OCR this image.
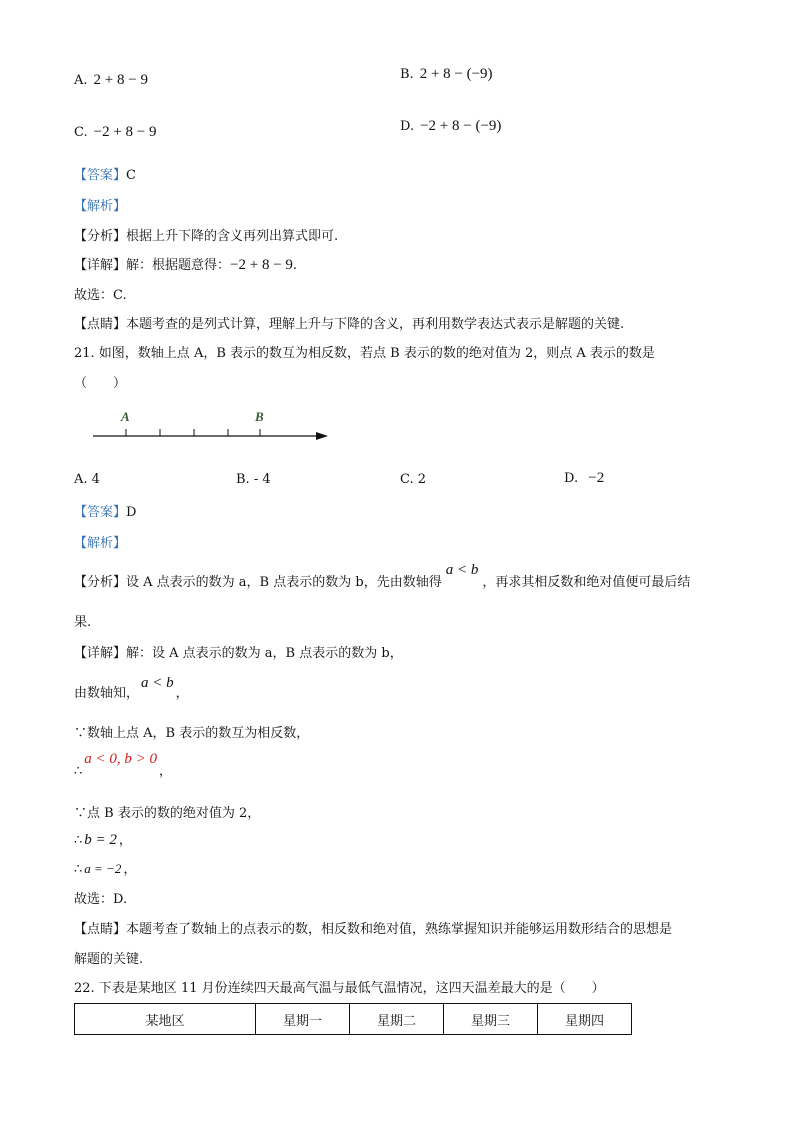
A. 2 + 8 − 9	B. 2 + 8 − (−9)
C. −2 + 8 − 9	D. −2 + 8 − (−9)
【答案】C
【解析】
【分析】根据上升下降的含义再列出算式即可.
【详解】解：根据题意得：−2 + 8 − 9.
故选：C.
【点睛】本题考查的是列式计算，理解上升与下降的含义，再利用数学表达式表示是解题的关键.
21. 如图，数轴上点 A，B 表示的数互为相反数，若点 B 表示的数的绝对值为 2，则点 A 表示的数是
（　　）
A	B
A. 4	B. - 4	C. 2	D. −2
【答案】D
【解析】
【分析】设 A 点表示的数为 a，B 点表示的数为 b，先由数轴得a < b，再求其相反数和绝对值便可最后结
果.
【详解】解：设 A 点表示的数为 a，B 点表示的数为 b，
由数轴知，a < b，
∵数轴上点 A，B 表示的数互为相反数，
∴a < 0, b > 0，
∵点 B 表示的数的绝对值为 2，
∴ b = 2 ，
∴ a = −2 ，
故选：D.
【点睛】本题考查了数轴上的点表示的数，相反数和绝对值，熟练掌握知识并能够运用数形结合的思想是
解题的关键.
22. 下表是某地区 11 月份连续四天最高气温与最低气温情况，这四天温差最大的是（　　）
某地区	星期一	星期二	星期三	星期四
